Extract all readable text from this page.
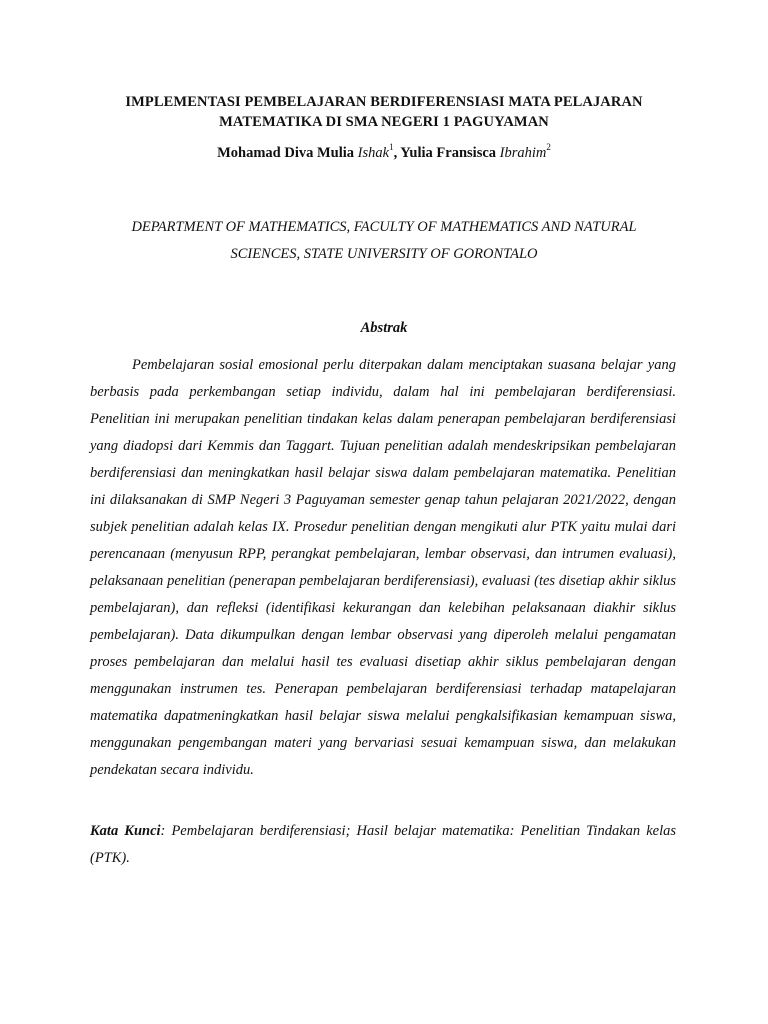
IMPLEMENTASI PEMBELAJARAN BERDIFERENSIASI MATA PELAJARAN
MATEMATIKA DI SMA NEGERI 1 PAGUYAMAN
Mohamad Diva Mulia Ishak$^1$, Yulia Fransisca Ibrahim$^2$
DEPARTMENT OF MATHEMATICS, FACULTY OF MATHEMATICS AND NATURAL
SCIENCES, STATE UNIVERSITY OF GORONTALO
Abstrak

Pembelajaran sosial emosional perlu diterpakan dalam menciptakan suasana belajar yang berbasis pada perkembangan setiap individu, dalam hal ini pembelajaran berdiferensiasi. Penelitian ini merupakan penelitian tindakan kelas dalam penerapan pembelajaran berdiferensiasi yang diadopsi dari Kemmis dan Taggart. Tujuan penelitian adalah mendeskripsikan pembelajaran berdiferensiasi dan meningkatkan hasil belajar siswa dalam pembelajaran matematika. Penelitian ini dilaksanakan di SMP Negeri 3 Paguyaman semester genap tahun pelajaran 2021/2022, dengan subjek penelitian adalah kelas IX. Prosedur penelitian dengan mengikuti alur PTK yaitu mulai dari perencanaan (menyusun RPP, perangkat pembelajaran, lembar observasi, dan intrumen evaluasi), pelaksanaan penelitian (penerapan pembelajaran berdiferensiasi), evaluasi (tes disetiap akhir siklus pembelajaran), dan refleksi (identifikasi kekurangan dan kelebihan pelaksanaan diakhir siklus pembelajaran). Data dikumpulkan dengan lembar observasi yang diperoleh melalui pengamatan proses pembelajaran dan melalui hasil tes evaluasi disetiap akhir siklus pembelajaran dengan menggunakan instrumen tes. Penerapan pembelajaran berdiferensiasi terhadap matapelajaran matematika dapatmeningkatkan hasil belajar siswa melalui pengkalsifikasian kemampuan siswa, menggunakan pengembangan materi yang bervariasi sesuai kemampuan siswa, dan melakukan pendekatan secara individu.

Kata Kunci: Pembelajaran berdiferensiasi; Hasil belajar matematika: Penelitian Tindakan kelas (PTK).
